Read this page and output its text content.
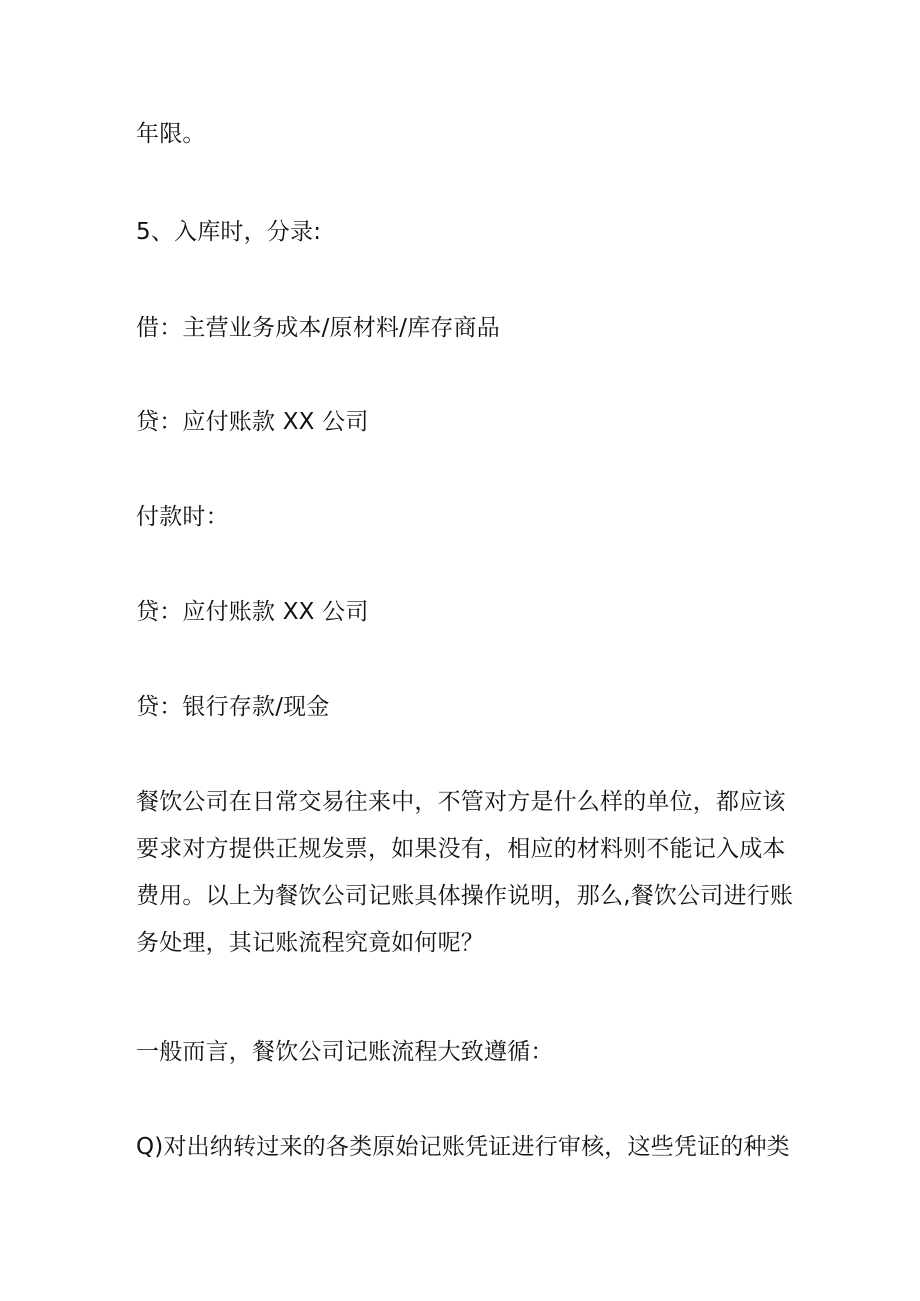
年限。

5、入库时，分录:

借：主营业务成本/原材料/库存商品

贷：应付账款 XX 公司

付款时：

贷：应付账款 XX 公司

贷：银行存款/现金

餐饮公司在日常交易往来中，不管对方是什么样的单位，都应该
要求对方提供正规发票，如果没有，相应的材料则不能记入成本
费用。以上为餐饮公司记账具体操作说明，那么,餐饮公司进行账
务处理，其记账流程究竟如何呢？

一般而言，餐饮公司记账流程大致遵循：

Q)对出纳转过来的各类原始记账凭证进行审核，这些凭证的种类
